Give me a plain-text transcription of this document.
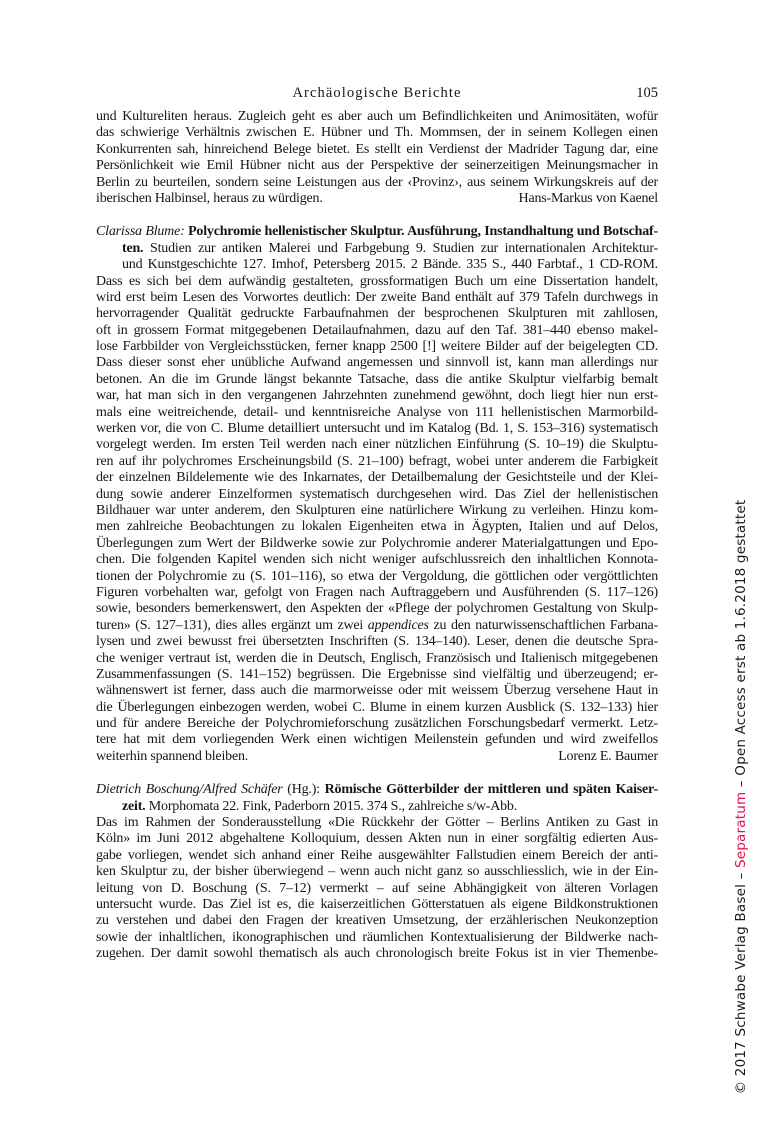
Archäologische Berichte	105
und Kultureliten heraus. Zugleich geht es aber auch um Befindlichkeiten und Animositäten, wofür
das schwierige Verhältnis zwischen E. Hübner und Th. Mommsen, der in seinem Kollegen einen
Konkurrenten sah, hinreichend Belege bietet. Es stellt ein Verdienst der Madrider Tagung dar, eine
Persönlichkeit wie Emil Hübner nicht aus der Perspektive der seinerzeitigen Meinungsmacher in
Berlin zu beurteilen, sondern seine Leistungen aus der ‹Provinz›, aus seinem Wirkungskreis auf der
iberischen Halbinsel, heraus zu würdigen.	Hans-Markus von Kaenel
Clarissa Blume: Polychromie hellenistischer Skulptur. Ausführung, Instandhaltung und Botschaf-
ten. Studien zur antiken Malerei und Farbgebung 9. Studien zur internationalen Architektur-
und Kunstgeschichte 127. Imhof, Petersberg 2015. 2 Bände. 335 S., 440 Farbtaf., 1 CD-ROM.
Dass es sich bei dem aufwändig gestalteten, grossformatigen Buch um eine Dissertation handelt,
wird erst beim Lesen des Vorwortes deutlich: Der zweite Band enthält auf 379 Tafeln durchwegs in
hervorragender Qualität gedruckte Farbaufnahmen der besprochenen Skulpturen mit zahllosen,
oft in grossem Format mitgegebenen Detailaufnahmen, dazu auf den Taf. 381–440 ebenso makel-
lose Farbbilder von Vergleichsstücken, ferner knapp 2500 [!] weitere Bilder auf der beigelegten CD.
Dass dieser sonst eher unübliche Aufwand angemessen und sinnvoll ist, kann man allerdings nur
betonen. An die im Grunde längst bekannte Tatsache, dass die antike Skulptur vielfarbig bemalt
war, hat man sich in den vergangenen Jahrzehnten zunehmend gewöhnt, doch liegt hier nun erst-
mals eine weitreichende, detail- und kenntnisreiche Analyse von 111 hellenistischen Marmorbild-
werken vor, die von C. Blume detailliert untersucht und im Katalog (Bd. 1, S. 153–316) systematisch
vorgelegt werden. Im ersten Teil werden nach einer nützlichen Einführung (S. 10–19) die Skulptu-
ren auf ihr polychromes Erscheinungsbild (S. 21–100) befragt, wobei unter anderem die Farbigkeit
der einzelnen Bildelemente wie des Inkarnates, der Detailbemalung der Gesichtsteile und der Klei-
dung sowie anderer Einzelformen systematisch durchgesehen wird. Das Ziel der hellenistischen
Bildhauer war unter anderem, den Skulpturen eine natürlichere Wirkung zu verleihen. Hinzu kom-
men zahlreiche Beobachtungen zu lokalen Eigenheiten etwa in Ägypten, Italien und auf Delos,
Überlegungen zum Wert der Bildwerke sowie zur Polychromie anderer Materialgattungen und Epo-
chen. Die folgenden Kapitel wenden sich nicht weniger aufschlussreich den inhaltlichen Konnota-
tionen der Polychromie zu (S. 101–116), so etwa der Vergoldung, die göttlichen oder vergöttlichten
Figuren vorbehalten war, gefolgt von Fragen nach Auftraggebern und Ausführenden (S. 117–126)
sowie, besonders bemerkenswert, den Aspekten der «Pflege der polychromen Gestaltung von Skulp-
turen» (S. 127–131), dies alles ergänzt um zwei appendices zu den naturwissenschaftlichen Farbana-
lysen und zwei bewusst frei übersetzten Inschriften (S. 134–140). Leser, denen die deutsche Spra-
che weniger vertraut ist, werden die in Deutsch, Englisch, Französisch und Italienisch mitgegebenen
Zusammenfassungen (S. 141–152) begrüssen. Die Ergebnisse sind vielfältig und überzeugend; er-
wähnenswert ist ferner, dass auch die marmorweisse oder mit weissem Überzug versehene Haut in
die Überlegungen einbezogen werden, wobei C. Blume in einem kurzen Ausblick (S. 132–133) hier
und für andere Bereiche der Polychromieforschung zusätzlichen Forschungsbedarf vermerkt. Letz-
tere hat mit dem vorliegenden Werk einen wichtigen Meilenstein gefunden und wird zweifellos
weiterhin spannend bleiben.	Lorenz E. Baumer
Dietrich Boschung/Alfred Schäfer (Hg.): Römische Götterbilder der mittleren und späten Kaiser-
zeit. Morphomata 22. Fink, Paderborn 2015. 374 S., zahlreiche s/w-Abb.
Das im Rahmen der Sonderausstellung «Die Rückkehr der Götter – Berlins Antiken zu Gast in
Köln» im Juni 2012 abgehaltene Kolloquium, dessen Akten nun in einer sorgfältig edierten Aus-
gabe vorliegen, wendet sich anhand einer Reihe ausgewählter Fallstudien einem Bereich der anti-
ken Skulptur zu, der bisher überwiegend – wenn auch nicht ganz so ausschliesslich, wie in der Ein-
leitung von D. Boschung (S. 7–12) vermerkt – auf seine Abhängigkeit von älteren Vorlagen
untersucht wurde. Das Ziel ist es, die kaiserzeitlichen Götterstatuen als eigene Bildkonstruktionen
zu verstehen und dabei den Fragen der kreativen Umsetzung, der erzählerischen Neukonzeption
sowie der inhaltlichen, ikonographischen und räumlichen Kontextualisierung der Bildwerke nach-
zugehen. Der damit sowohl thematisch als auch chronologisch breite Fokus ist in vier Themenbe-	© 2017 Schwabe Verlag Basel – Separatum – Open Access erst ab 1.6.2018 gestattet
